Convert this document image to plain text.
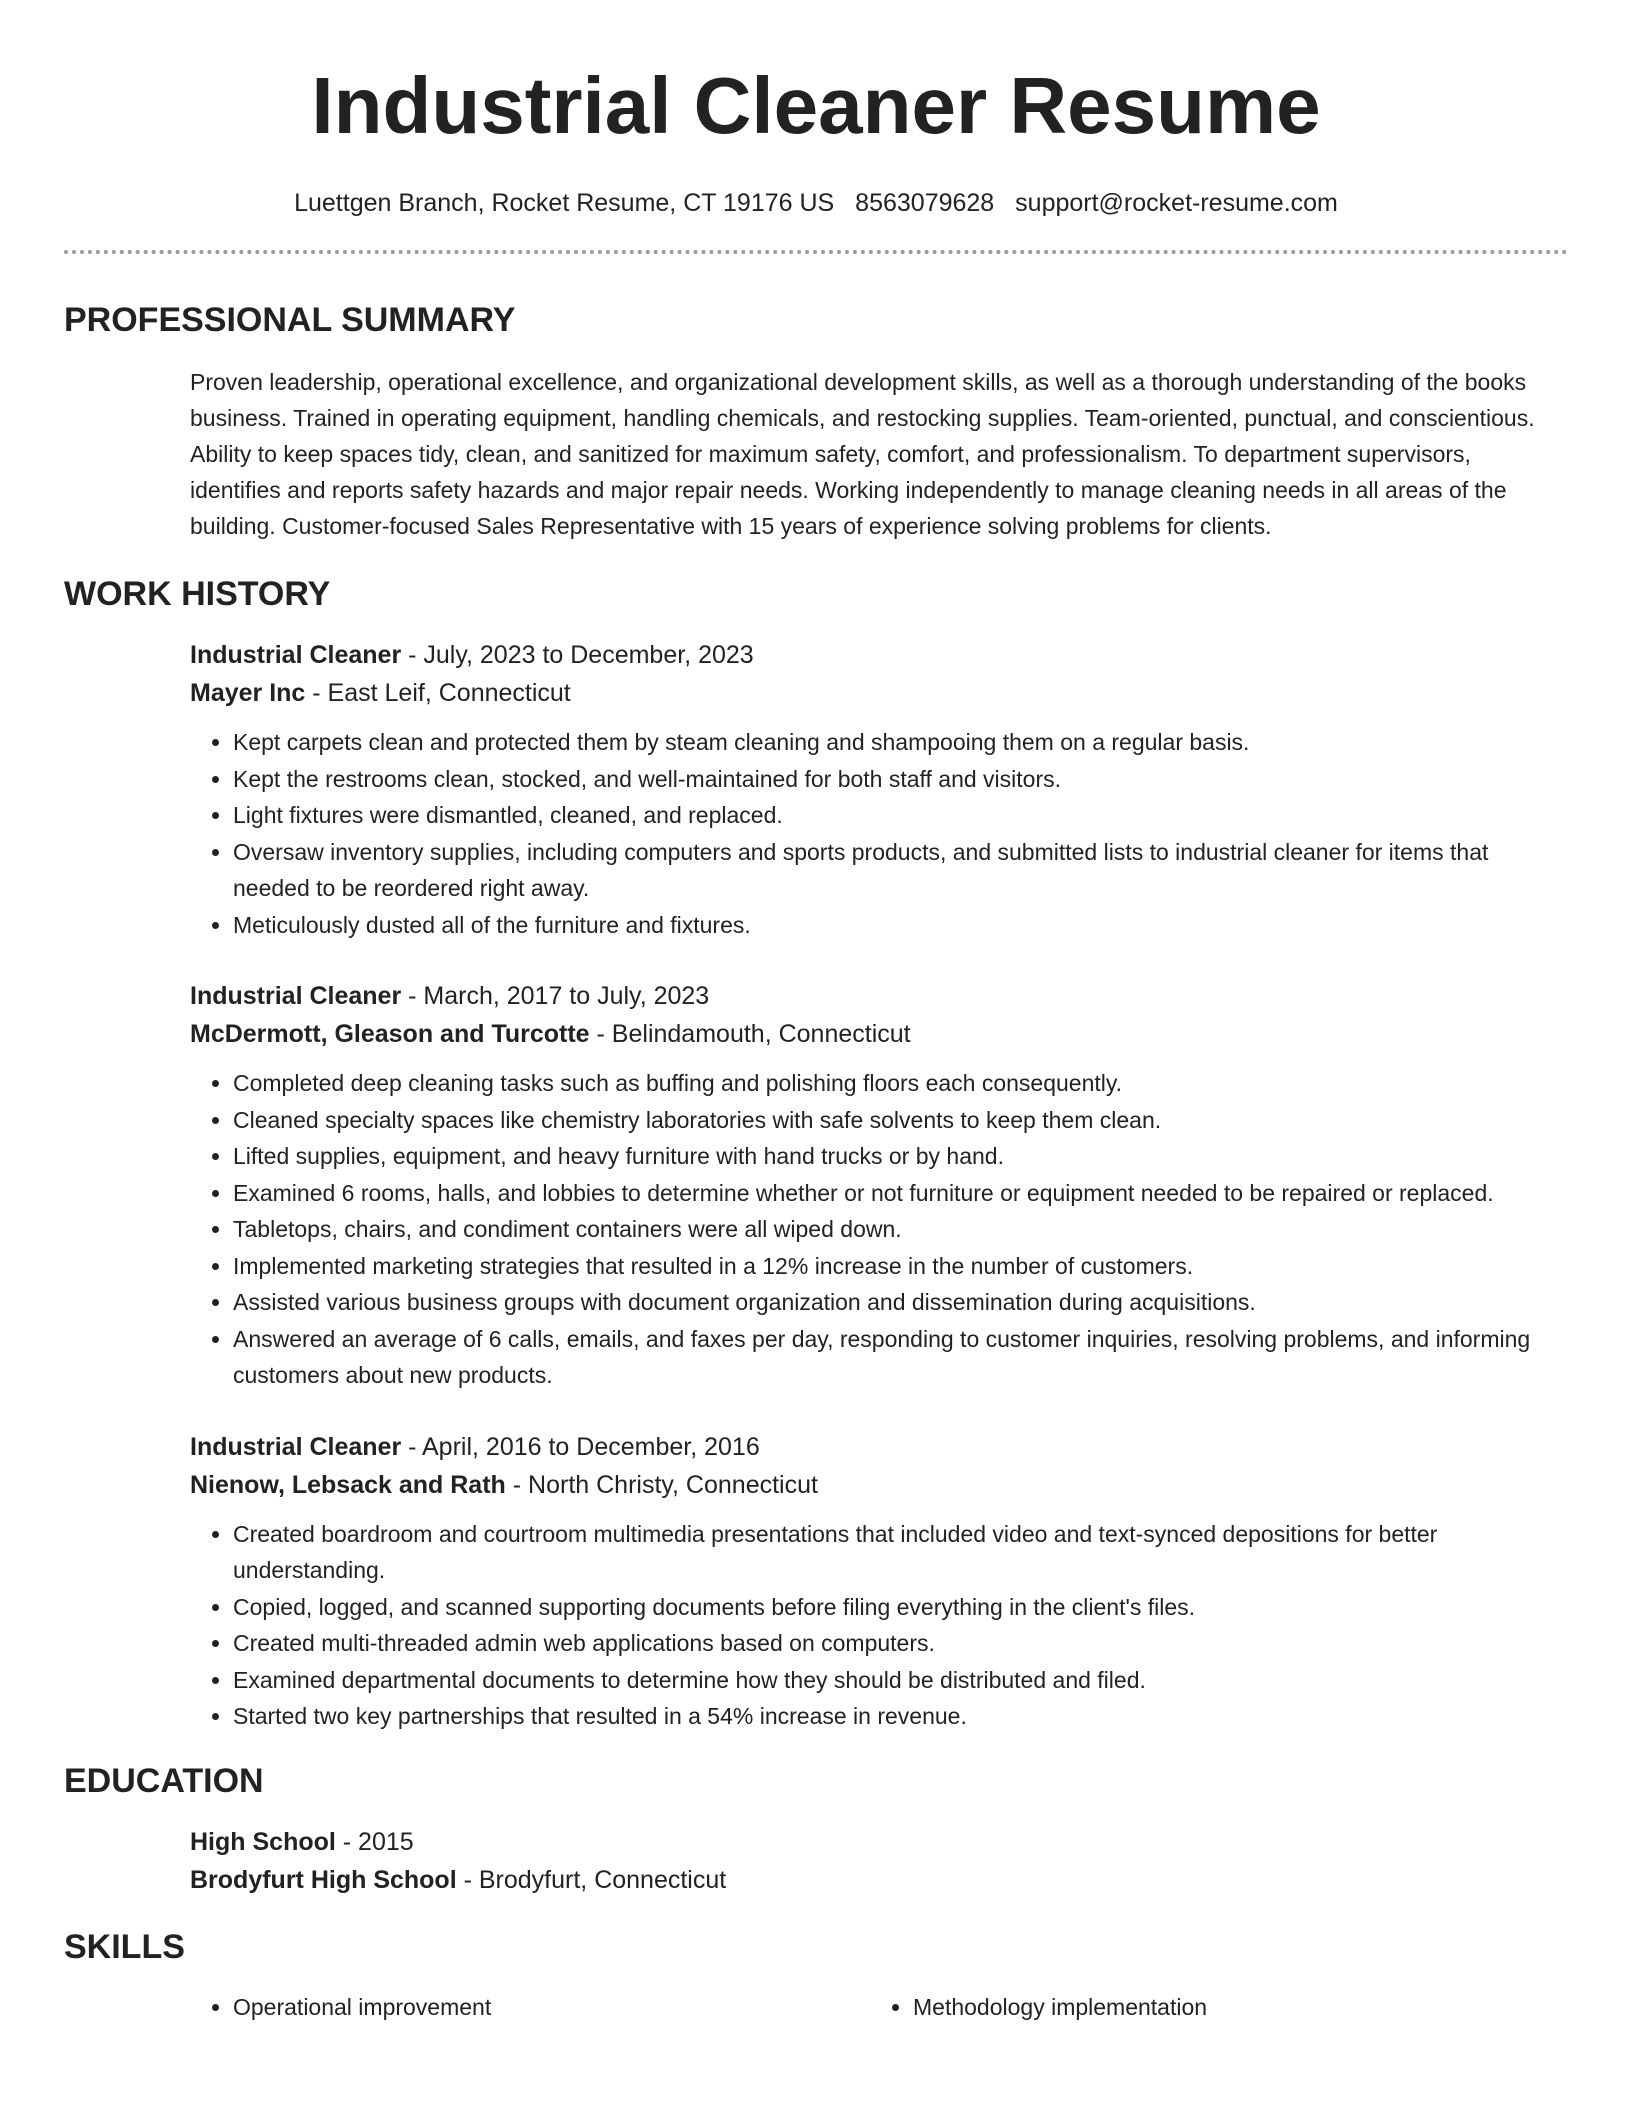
Industrial Cleaner Resume
Luettgen Branch, Rocket Resume, CT 19176 US 8563079628 support@rocket-resume.com
PROFESSIONAL SUMMARY
Proven leadership, operational excellence, and organizational development skills, as well as a thorough understanding of the books business. Trained in operating equipment, handling chemicals, and restocking supplies. Team-oriented, punctual, and conscientious. Ability to keep spaces tidy, clean, and sanitized for maximum safety, comfort, and professionalism. To department supervisors, identifies and reports safety hazards and major repair needs. Working independently to manage cleaning needs in all areas of the building. Customer-focused Sales Representative with 15 years of experience solving problems for clients.
WORK HISTORY
Industrial Cleaner - July, 2023 to December, 2023
Mayer Inc - East Leif, Connecticut
• Kept carpets clean and protected them by steam cleaning and shampooing them on a regular basis.
• Kept the restrooms clean, stocked, and well-maintained for both staff and visitors.
• Light fixtures were dismantled, cleaned, and replaced.
• Oversaw inventory supplies, including computers and sports products, and submitted lists to industrial cleaner for items that needed to be reordered right away.
• Meticulously dusted all of the furniture and fixtures.
Industrial Cleaner - March, 2017 to July, 2023
McDermott, Gleason and Turcotte - Belindamouth, Connecticut
• Completed deep cleaning tasks such as buffing and polishing floors each consequently.
• Cleaned specialty spaces like chemistry laboratories with safe solvents to keep them clean.
• Lifted supplies, equipment, and heavy furniture with hand trucks or by hand.
• Examined 6 rooms, halls, and lobbies to determine whether or not furniture or equipment needed to be repaired or replaced.
• Tabletops, chairs, and condiment containers were all wiped down.
• Implemented marketing strategies that resulted in a 12% increase in the number of customers.
• Assisted various business groups with document organization and dissemination during acquisitions.
• Answered an average of 6 calls, emails, and faxes per day, responding to customer inquiries, resolving problems, and informing customers about new products.
Industrial Cleaner - April, 2016 to December, 2016
Nienow, Lebsack and Rath - North Christy, Connecticut
• Created boardroom and courtroom multimedia presentations that included video and text-synced depositions for better understanding.
• Copied, logged, and scanned supporting documents before filing everything in the client's files.
• Created multi-threaded admin web applications based on computers.
• Examined departmental documents to determine how they should be distributed and filed.
• Started two key partnerships that resulted in a 54% increase in revenue.
EDUCATION
High School - 2015
Brodyfurt High School - Brodyfurt, Connecticut
SKILLS
• Operational improvement
•	Methodology implementation
